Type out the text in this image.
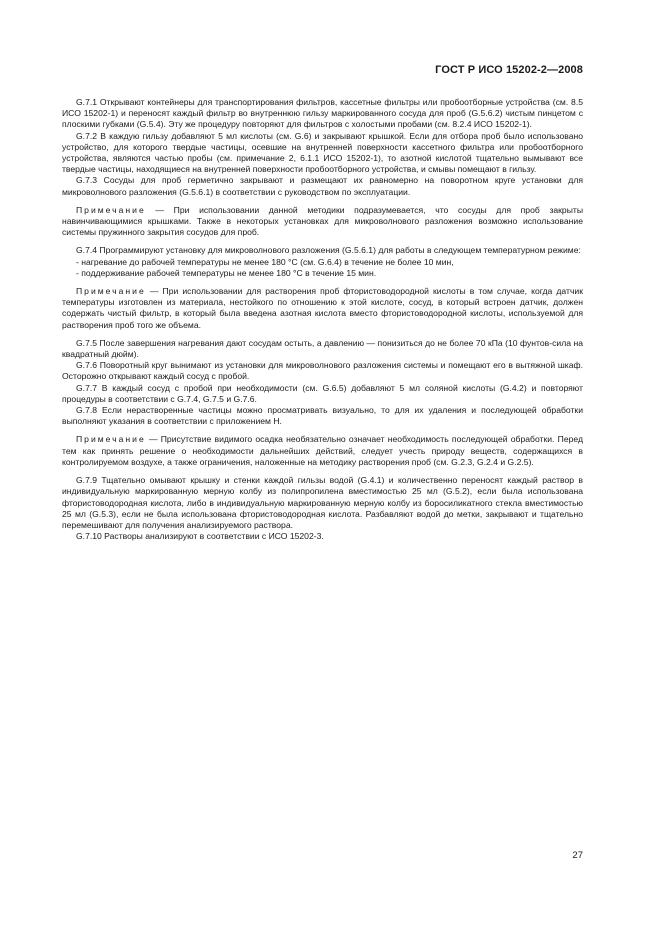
ГОСТ Р ИСО 15202-2—2008

G.7.1 Открывают контейнеры для транспортирования фильтров, кассетные фильтры или пробоотборные устройства (см. 8.5 ИСО 15202-1) и переносят каждый фильтр во внутреннюю гильзу маркированного сосуда для проб (G.5.6.2) чистым пинцетом с плоскими губками (G.5.4). Эту же процедуру повторяют для фильтров с холостыми пробами (см. 8.2.4 ИСО 15202-1).

G.7.2 В каждую гильзу добавляют 5 мл кислоты (см. G.6) и закрывают крышкой. Если для отбора проб было использовано устройство, для которого твердые частицы, осевшие на внутренней поверхности кассетного фильтра или пробоотборного устройства, являются частью пробы (см. примечание 2, 6.1.1 ИСО 15202-1), то азотной кислотой тщательно вымывают все твердые частицы, находящиеся на внутренней поверхности пробоотборного устройства, и смывы помещают в гильзу.

G.7.3 Сосуды для проб герметично закрывают и размещают их равномерно на поворотном круге установки для микроволнового разложения (G.5.6.1) в соответствии с руководством по эксплуатации.

Примечание — При использовании данной методики подразумевается, что сосуды для проб закрыты навинчивающимися крышками. Также в некоторых установках для микроволнового разложения возможно использование системы пружинного закрытия сосудов для проб.

G.7.4 Программируют установку для микроволнового разложения (G.5.6.1) для работы в следующем температурном режиме:

- нагревание до рабочей температуры не менее 180 °С (см. G.6.4) в течение не более 10 мин,

- поддерживание рабочей температуры не менее 180 °С в течение 15 мин.

Примечание — При использовании для растворения проб фтористоводородной кислоты в том случае, когда датчик температуры изготовлен из материала, нестойкого по отношению к этой кислоте, сосуд, в который встроен датчик, должен содержать чистый фильтр, в который была введена азотная кислота вместо фтористоводородной кислоты, используемой для растворения проб того же объема.

G.7.5 После завершения нагревания дают сосудам остыть, а давлению — понизиться до не более 70 кПа (10 фунтов-сила на квадратный дюйм).

G.7.6 Поворотный круг вынимают из установки для микроволнового разложения системы и помещают его в вытяжной шкаф. Осторожно открывают каждый сосуд с пробой.

G.7.7 В каждый сосуд с пробой при необходимости (см. G.6.5) добавляют 5 мл соляной кислоты (G.4.2) и повторяют процедуры в соответствии с G.7.4, G.7.5 и G.7.6.

G.7.8 Если нерастворенные частицы можно просматривать визуально, то для их удаления и последующей обработки выполняют указания в соответствии с приложением Н.

Примечание — Присутствие видимого осадка необязательно означает необходимость последующей обработки. Перед тем как принять решение о необходимости дальнейших действий, следует учесть природу веществ, содержащихся в контролируемом воздухе, а также ограничения, наложенные на методику растворения проб (см. G.2.3, G.2.4 и G.2.5).

G.7.9 Тщательно омывают крышку и стенки каждой гильзы водой (G.4.1) и количественно переносят каждый раствор в индивидуальную маркированную мерную колбу из полипропилена вместимостью 25 мл (G.5.2), если была использована фтористоводородная кислота, либо в индивидуальную маркированную мерную колбу из боросиликатного стекла вместимостью 25 мл (G.5.3), если не была использована фтористоводородная кислота. Разбавляют водой до метки, закрывают и тщательно перемешивают для получения анализируемого раствора.

G.7.10 Растворы анализируют в соответствии с ИСО 15202-3.

27
